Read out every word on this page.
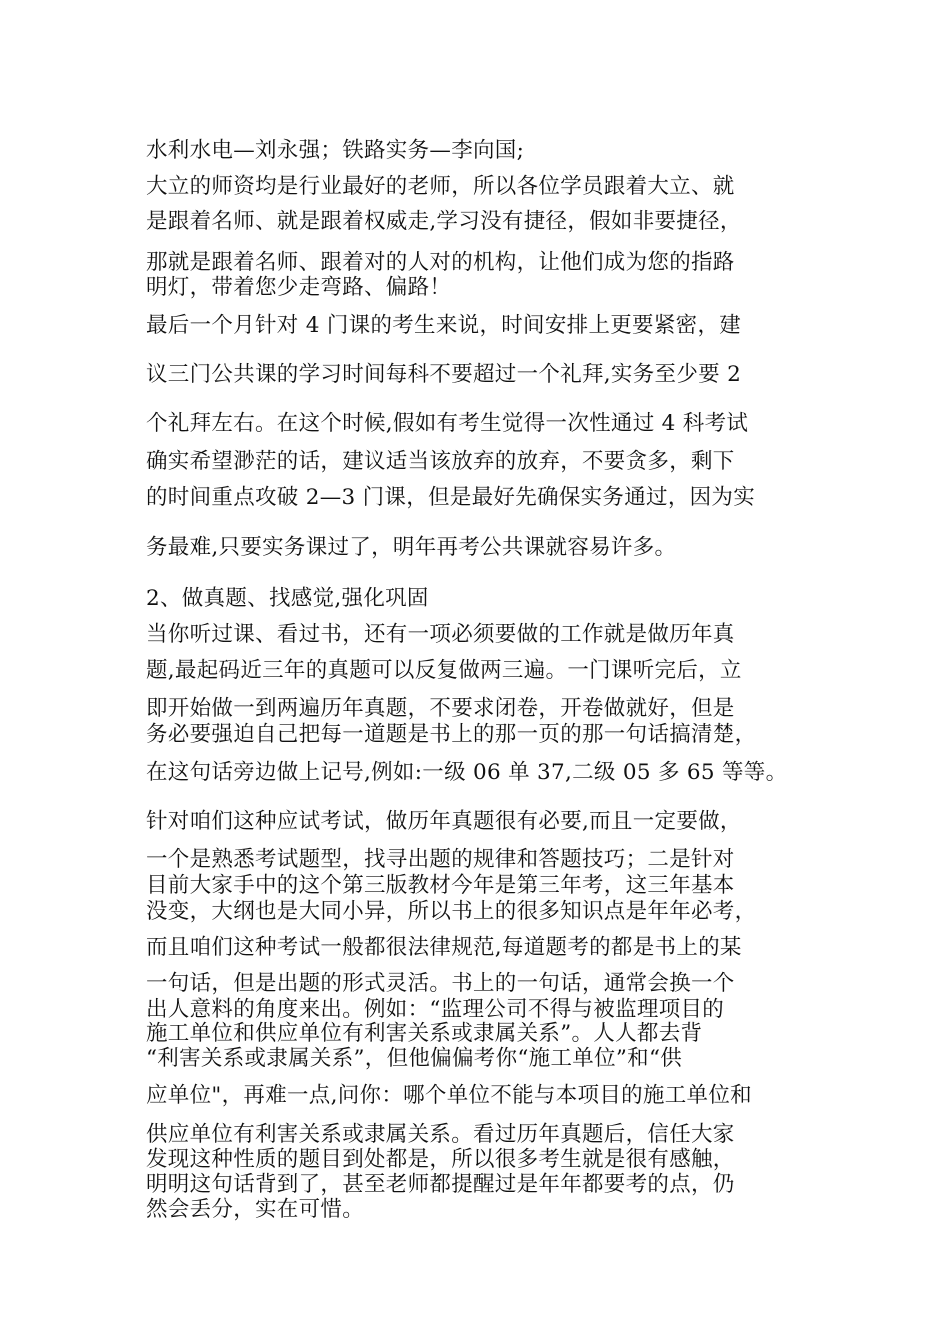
水利水电—刘永强；铁路实务—李向国;

大立的师资均是行业最好的老师，所以各位学员跟着大立、就

是跟着名师、就是跟着权威走,学习没有捷径，假如非要捷径，

那就是跟着名师、跟着对的人对的机构，让他们成为您的指路

明灯，带着您少走弯路、偏路！

最后一个月针对 4 门课的考生来说，时间安排上更要紧密，建

议三门公共课的学习时间每科不要超过一个礼拜,实务至少要 2

个礼拜左右。在这个时候,假如有考生觉得一次性通过 4 科考试

确实希望渺茫的话，建议适当该放弃的放弃，不要贪多，剩下

的时间重点攻破 2—3 门课，但是最好先确保实务通过，因为实

务最难,只要实务课过了，明年再考公共课就容易许多。

2、做真题、找感觉,强化巩固

当你听过课、看过书，还有一项必须要做的工作就是做历年真

题,最起码近三年的真题可以反复做两三遍。一门课听完后，立

即开始做一到两遍历年真题，不要求闭卷，开卷做就好，但是

务必要强迫自己把每一道题是书上的那一页的那一句话搞清楚，

在这句话旁边做上记号,例如:一级 06 单 37,二级 05 多 65 等等。

针对咱们这种应试考试，做历年真题很有必要,而且一定要做，

一个是熟悉考试题型，找寻出题的规律和答题技巧；二是针对

目前大家手中的这个第三版教材今年是第三年考，这三年基本

没变，大纲也是大同小异，所以书上的很多知识点是年年必考，

而且咱们这种考试一般都很法律规范,每道题考的都是书上的某

一句话，但是出题的形式灵活。书上的一句话，通常会换一个

出人意料的角度来出。例如：“监理公司不得与被监理项目的

施工单位和供应单位有利害关系或隶属关系”。人人都去背

“利害关系或隶属关系”，但他偏偏考你“施工单位”和“供

应单位"，再难一点,问你：哪个单位不能与本项目的施工单位和

供应单位有利害关系或隶属关系。看过历年真题后，信任大家

发现这种性质的题目到处都是，所以很多考生就是很有感触，

明明这句话背到了，甚至老师都提醒过是年年都要考的点，仍

然会丢分，实在可惜。
